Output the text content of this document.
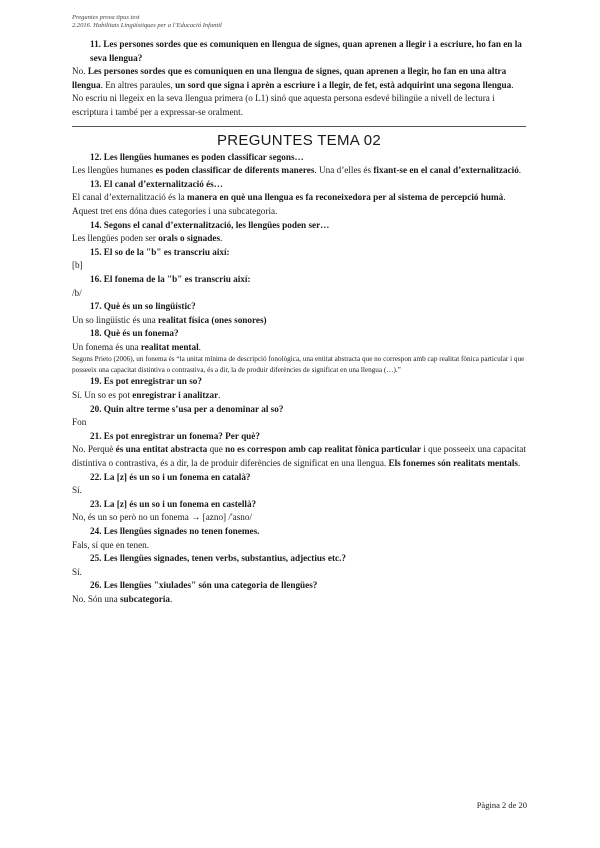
Preguntes prova tipus test
2.2016. Habilitats Lingüístiques per a l’Educació Infantil
11. Les persones sordes que es comuniquen en llengua de signes, quan aprenen a llegir i a escriure, ho fan en la seva llengua?
No. Les persones sordes que es comuniquen en una llengua de signes, quan aprenen a llegir, ho fan en una altra llengua. En altres paraules, un sord que signa i aprèn a escriure i a llegir, de fet, està adquirint una segona llengua. No escriu ni llegeix en la seva llengua primera (o L1) sinó que aquesta persona esdevé bilingüe a nivell de lectura i escriptura i també per a expressar-se oralment.
PREGUNTES TEMA 02
12. Les llengües humanes es poden classificar segons…
Les llengües humanes es poden classificar de diferents maneres. Una d’elles és fixant-se en el canal d’externalització.
13. El canal d’externalització és…
El canal d’externalització és la manera en què una llengua es fa reconeixedora per al sistema de percepció humà. Aquest tret ens dóna dues categories i una subcategoria.
14. Segons el canal d’externalització, les llengües poden ser…
Les llengües poden ser orals o signades.
15. El so de la "b" es transcriu així:
[b]
16. El fonema de la "b" es transcriu així:
/b/
17. Què és un so lingüístic?
Un so lingüístic és una realitat física (ones sonores)
18. Què és un fonema?
Un fonema és una realitat mental.
Segons Prieto (2006), un fonema és “la unitat mínima de descripció fonològica, una entitat abstracta que no correspon amb cap realitat fònica particular i que posseeix una capacitat distintiva o contrastiva, és a dir, la de produir diferències de significat en una llengua (…).”
19. Es pot enregistrar un so?
Sí. Un so es pot enregistrar i analitzar.
20. Quin altre terme s’usa per a denominar al so?
Fon
21. Es pot enregistrar un fonema? Per què?
No. Perquè és una entitat abstracta que no es correspon amb cap realitat fònica particular i que posseeix una capacitat distintiva o contrastiva, és a dir, la de produir diferències de significat en una llengua. Els fonemes són realitats mentals.
22. La [z] és un so i un fonema en català?
Sí.
23. La [z] és un so i un fonema en castellà?
No, és un so però no un fonema → [azno] /'asno/
24. Les llengües signades no tenen fonemes.
Fals, sí que en tenen.
25. Les llengües signades, tenen verbs, substantius, adjectius etc.?
Sí.
26. Les llengües "xiulades" són una categoria de llengües?
No. Són una subcategoria.
Pàgina 2 de 20
